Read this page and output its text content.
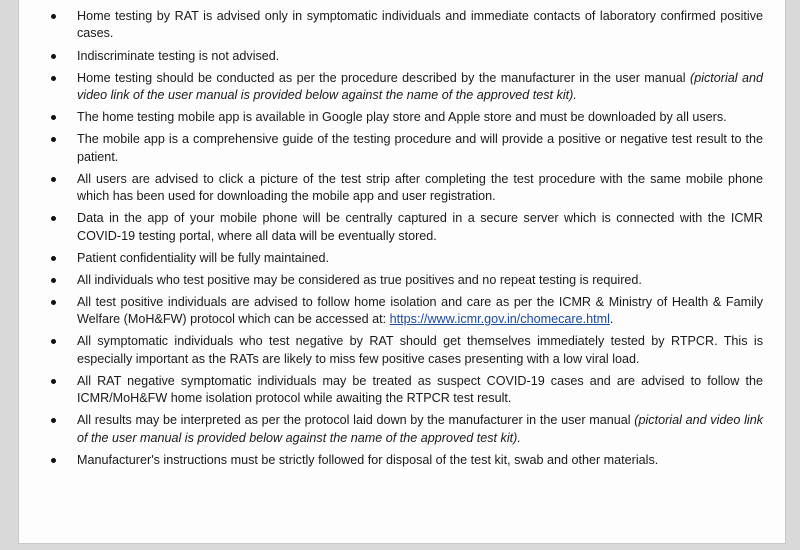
Home testing by RAT is advised only in symptomatic individuals and immediate contacts of laboratory confirmed positive cases.
Indiscriminate testing is not advised.
Home testing should be conducted as per the procedure described by the manufacturer in the user manual (pictorial and video link of the user manual is provided below against the name of the approved test kit).
The home testing mobile app is available in Google play store and Apple store and must be downloaded by all users.
The mobile app is a comprehensive guide of the testing procedure and will provide a positive or negative test result to the patient.
All users are advised to click a picture of the test strip after completing the test procedure with the same mobile phone which has been used for downloading the mobile app and user registration.
Data in the app of your mobile phone will be centrally captured in a secure server which is connected with the ICMR COVID-19 testing portal, where all data will be eventually stored.
Patient confidentiality will be fully maintained.
All individuals who test positive may be considered as true positives and no repeat testing is required.
All test positive individuals are advised to follow home isolation and care as per the ICMR & Ministry of Health & Family Welfare (MoH&FW) protocol which can be accessed at: https://www.icmr.gov.in/chomecare.html.
All symptomatic individuals who test negative by RAT should get themselves immediately tested by RTPCR. This is especially important as the RATs are likely to miss few positive cases presenting with a low viral load.
All RAT negative symptomatic individuals may be treated as suspect COVID-19 cases and are advised to follow the ICMR/MoH&FW home isolation protocol while awaiting the RTPCR test result.
All results may be interpreted as per the protocol laid down by the manufacturer in the user manual (pictorial and video link of the user manual is provided below against the name of the approved test kit).
Manufacturer's instructions must be strictly followed for disposal of the test kit, swab and other materials.
